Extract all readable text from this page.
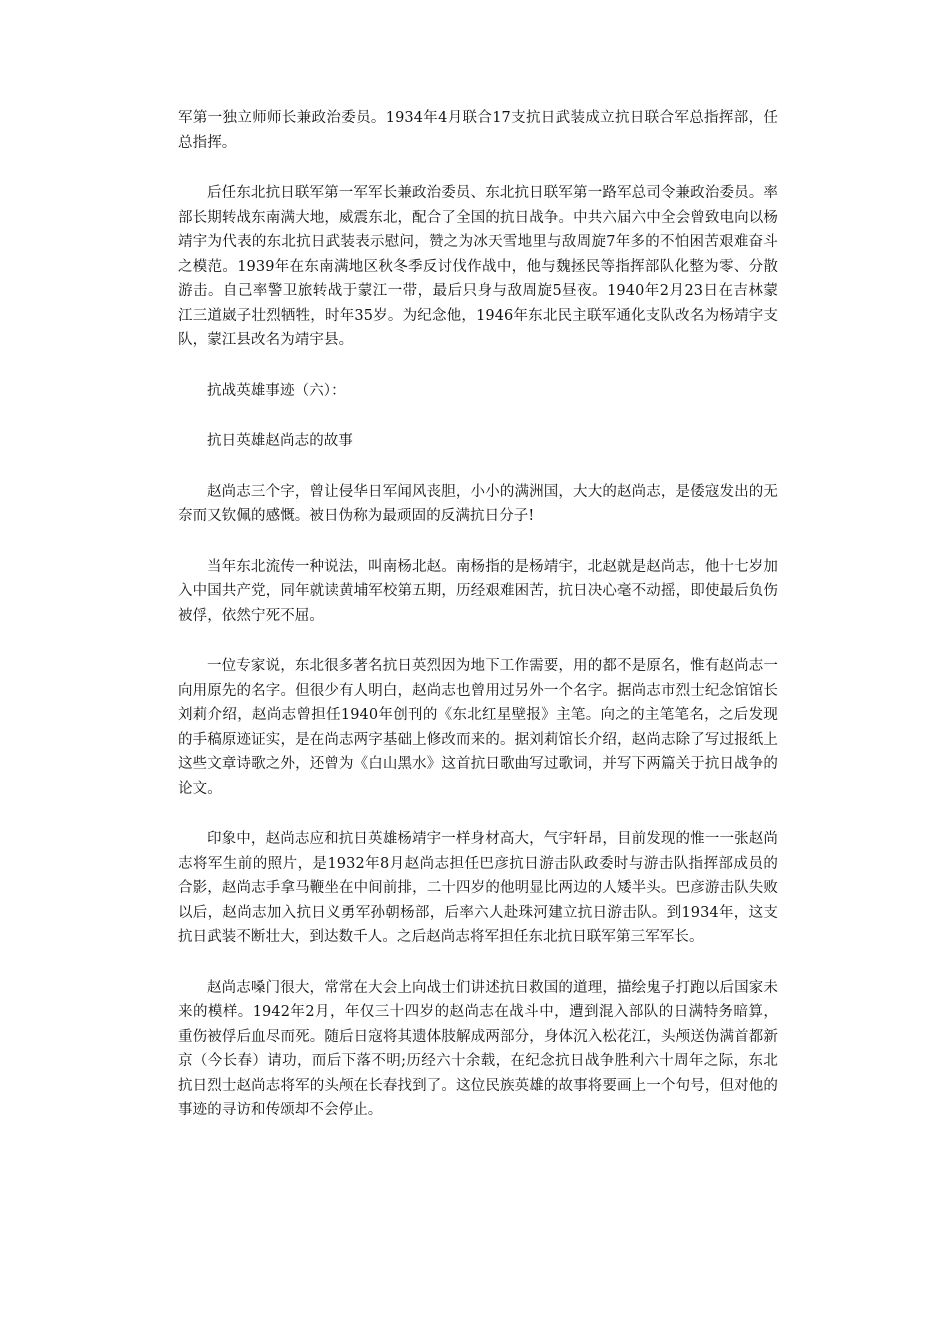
军第一独立师师长兼政治委员。1934年4月联合17支抗日武装成立抗日联合军总指挥部，任总指挥。

后任东北抗日联军第一军军长兼政治委员、东北抗日联军第一路军总司令兼政治委员。率部长期转战东南满大地，威震东北，配合了全国的抗日战争。中共六届六中全会曾致电向以杨靖宇为代表的东北抗日武装表示慰问，赞之为冰天雪地里与敌周旋7年多的不怕困苦艰难奋斗之模范。1939年在东南满地区秋冬季反讨伐作战中，他与魏拯民等指挥部队化整为零、分散游击。自己率警卫旅转战于蒙江一带，最后只身与敌周旋5昼夜。1940年2月23日在吉林蒙江三道崴子壮烈牺牲，时年35岁。为纪念他，1946年东北民主联军通化支队改名为杨靖宇支队，蒙江县改名为靖宇县。

抗战英雄事迹（六）：

抗日英雄赵尚志的故事

赵尚志三个字，曾让侵华日军闻风丧胆，小小的满洲国，大大的赵尚志，是倭寇发出的无奈而又钦佩的感慨。被日伪称为最顽固的反满抗日分子!

当年东北流传一种说法，叫南杨北赵。南杨指的是杨靖宇，北赵就是赵尚志，他十七岁加入中国共产党，同年就读黄埔军校第五期，历经艰难困苦，抗日决心毫不动摇，即使最后负伤被俘，依然宁死不屈。

一位专家说，东北很多著名抗日英烈因为地下工作需要，用的都不是原名，惟有赵尚志一向用原先的名字。但很少有人明白，赵尚志也曾用过另外一个名字。据尚志市烈士纪念馆馆长刘莉介绍，赵尚志曾担任1940年创刊的《东北红星壁报》主笔。向之的主笔笔名，之后发现的手稿原迹证实，是在尚志两字基础上修改而来的。据刘莉馆长介绍，赵尚志除了写过报纸上这些文章诗歌之外，还曾为《白山黑水》这首抗日歌曲写过歌词，并写下两篇关于抗日战争的论文。

印象中，赵尚志应和抗日英雄杨靖宇一样身材高大，气宇轩昂，目前发现的惟一一张赵尚志将军生前的照片，是1932年8月赵尚志担任巴彦抗日游击队政委时与游击队指挥部成员的合影，赵尚志手拿马鞭坐在中间前排，二十四岁的他明显比两边的人矮半头。巴彦游击队失败以后，赵尚志加入抗日义勇军孙朝杨部，后率六人赴珠河建立抗日游击队。到1934年，这支抗日武装不断壮大，到达数千人。之后赵尚志将军担任东北抗日联军第三军军长。

赵尚志嗓门很大，常常在大会上向战士们讲述抗日救国的道理，描绘鬼子打跑以后国家未来的模样。1942年2月，年仅三十四岁的赵尚志在战斗中，遭到混入部队的日满特务暗算，重伤被俘后血尽而死。随后日寇将其遗体肢解成两部分，身体沉入松花江，头颅送伪满首都新京（今长春）请功，而后下落不明;历经六十余载，在纪念抗日战争胜利六十周年之际，东北抗日烈士赵尚志将军的头颅在长春找到了。这位民族英雄的故事将要画上一个句号，但对他的事迹的寻访和传颂却不会停止。
